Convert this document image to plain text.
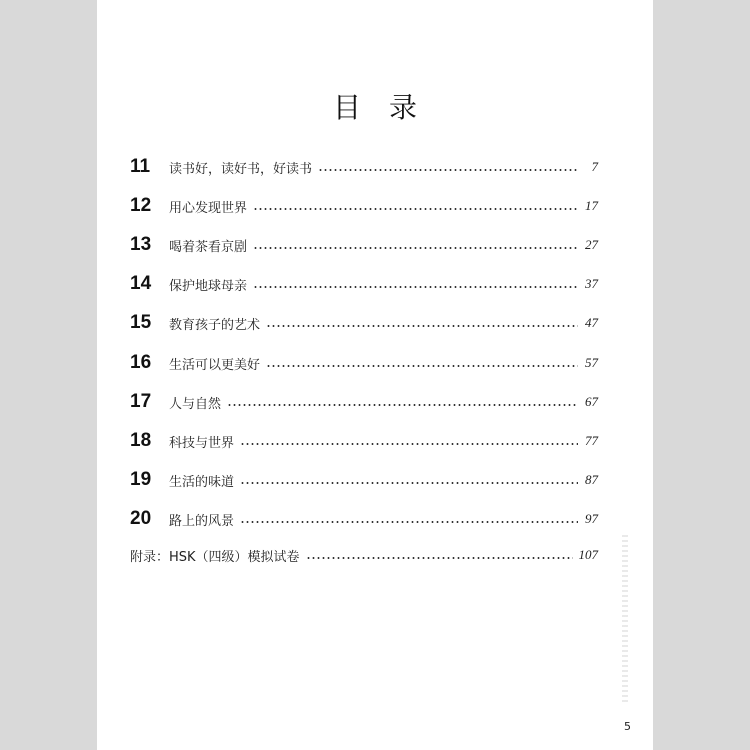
目录
11	读书好，读好书，好读书	7
12	用心发现世界	17
13	喝着茶看京剧	27
14	保护地球母亲	37
15	教育孩子的艺术	47
16	生活可以更美好	57
17	人与自然	67
18	科技与世界	77
19	生活的味道	87
20	路上的风景	97
附录：HSK（四级）模拟试卷	107
5
